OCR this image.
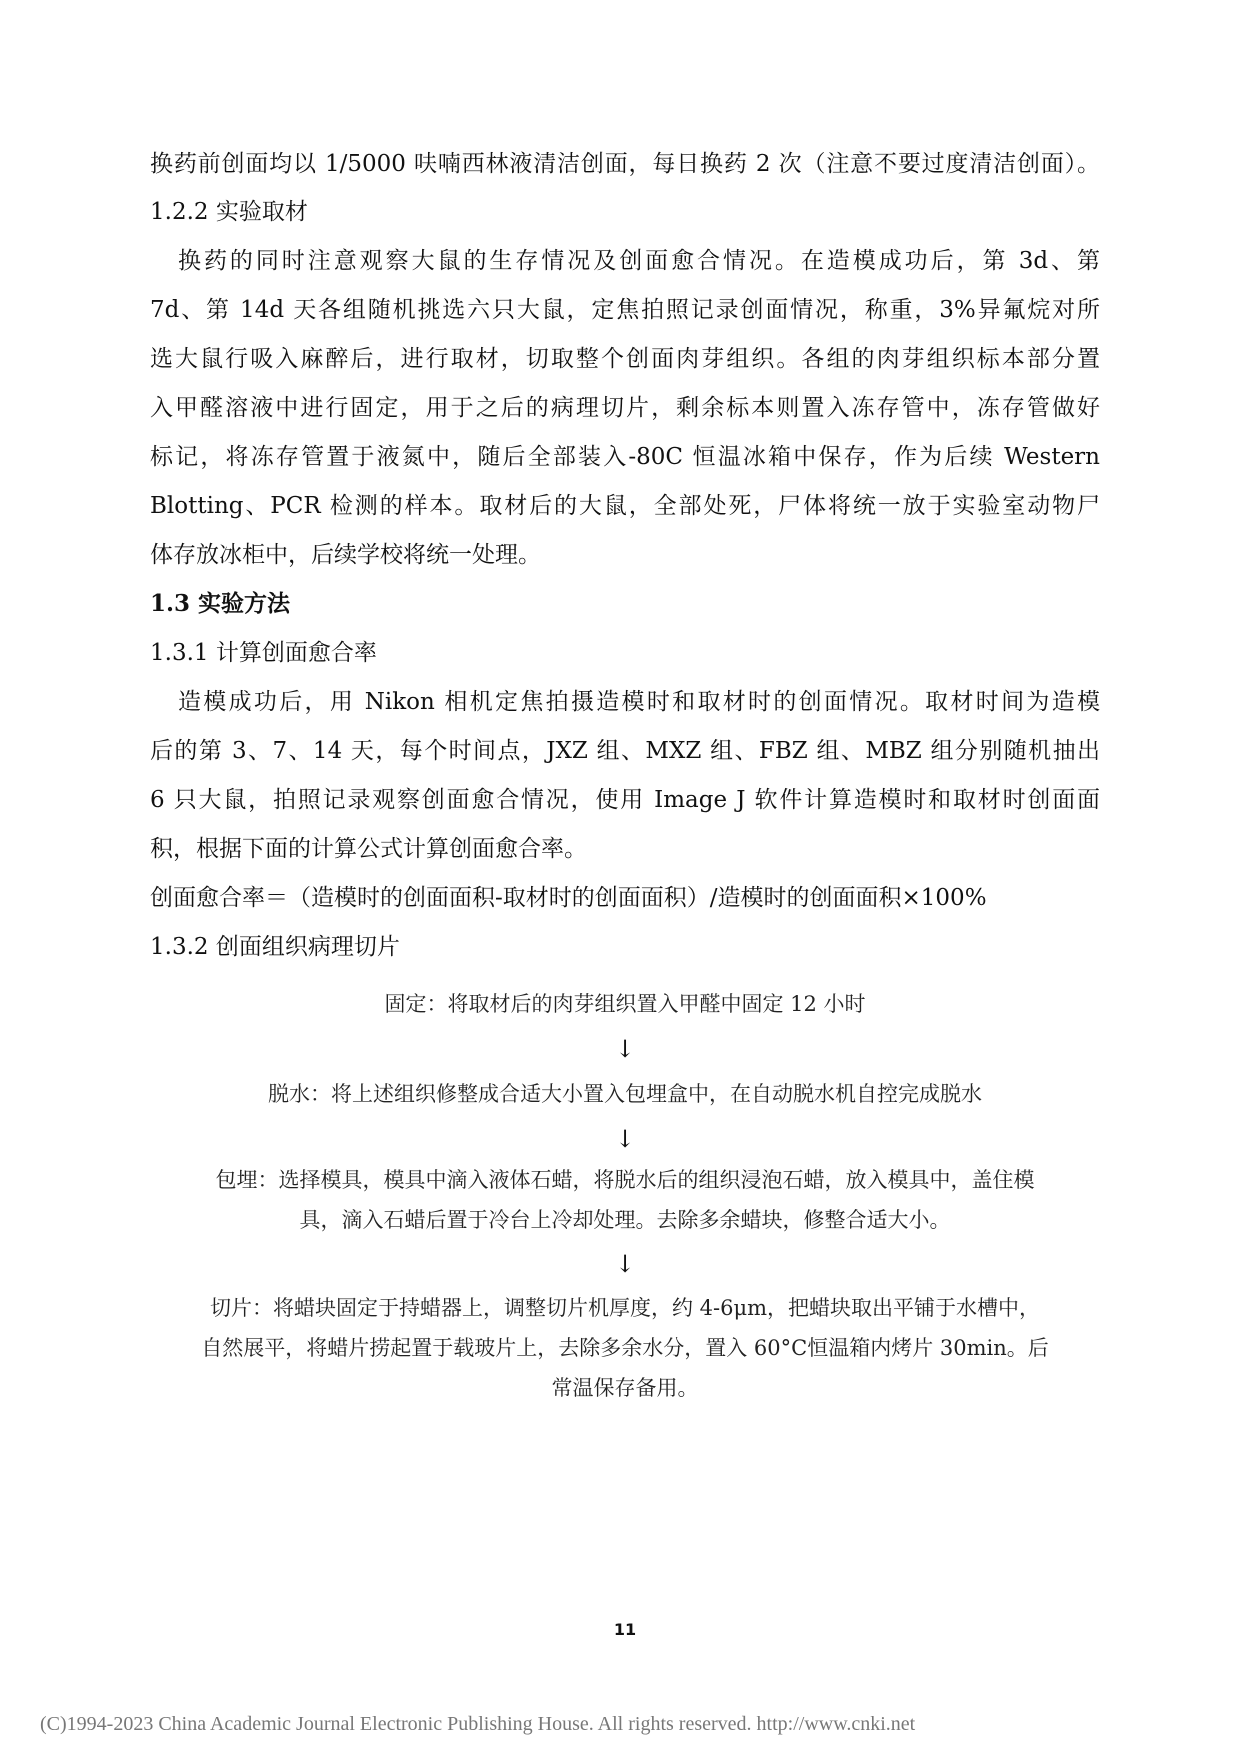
换药前创面均以 1/5000 呋喃西林液清洁创面，每日换药 2 次（注意不要过度清洁创面）。
1.2.2 实验取材
换药的同时注意观察大鼠的生存情况及创面愈合情况。在造模成功后，第 3d、第
7d、第 14d 天各组随机挑选六只大鼠，定焦拍照记录创面情况，称重，3%异氟烷对所
选大鼠行吸入麻醉后，进行取材，切取整个创面肉芽组织。各组的肉芽组织标本部分置
入甲醛溶液中进行固定，用于之后的病理切片，剩余标本则置入冻存管中，冻存管做好
标记，将冻存管置于液氮中，随后全部装入-80C 恒温冰箱中保存，作为后续 Western
Blotting、PCR 检测的样本。取材后的大鼠，全部处死，尸体将统一放于实验室动物尸
体存放冰柜中，后续学校将统一处理。
1.3 实验方法
1.3.1 计算创面愈合率
造模成功后，用 Nikon 相机定焦拍摄造模时和取材时的创面情况。取材时间为造模
后的第 3、7、14 天，每个时间点，JXZ 组、MXZ 组、FBZ 组、MBZ 组分别随机抽出
6 只大鼠，拍照记录观察创面愈合情况，使用 Image J 软件计算造模时和取材时创面面
积，根据下面的计算公式计算创面愈合率。
创面愈合率＝（造模时的创面面积-取材时的创面面积）/造模时的创面面积×100%
1.3.2 创面组织病理切片
固定：将取材后的肉芽组织置入甲醛中固定 12 小时
↓
脱水：将上述组织修整成合适大小置入包埋盒中，在自动脱水机自控完成脱水
↓
包埋：选择模具，模具中滴入液体石蜡，将脱水后的组织浸泡石蜡，放入模具中，盖住模
具，滴入石蜡后置于冷台上冷却处理。去除多余蜡块，修整合适大小。
↓
切片：将蜡块固定于持蜡器上，调整切片机厚度，约 4-6μm，把蜡块取出平铺于水槽中，
自然展平，将蜡片捞起置于载玻片上，去除多余水分，置入 60°C恒温箱内烤片 30min。后
常温保存备用。
11
(C)1994-2023 China Academic Journal Electronic Publishing House. All rights reserved. http://www.cnki.net
